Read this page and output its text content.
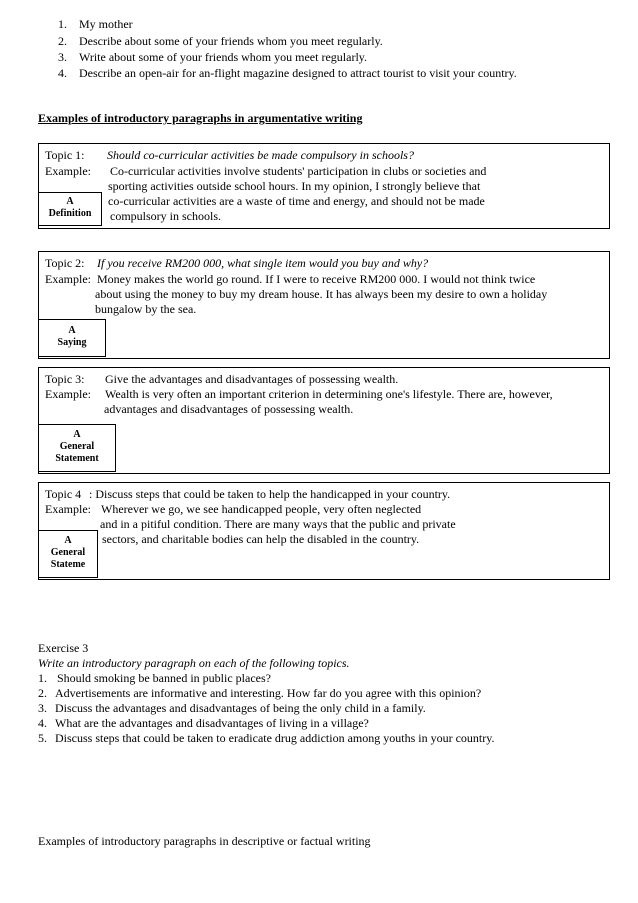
1. My mother
2. Describe about some of your friends whom you meet regularly.
3. Write about some of your friends whom you meet regularly.
4. Describe an open-air for an-flight magazine designed to attract tourist to visit your country.
Examples of introductory paragraphs in argumentative writing
Topic 1: Should co-curricular activities be made compulsory in schools?
Example: Co-curricular activities involve students' participation in clubs or societies and
sporting activities outside school hours. In my opinion, I strongly believe that
co-curricular activities are a waste of time and energy, and should not be made
compulsory in schools.
A
Definition
Topic 2: If you receive RM200 000, what single item would you buy and why?
Example: Money makes the world go round. If I were to receive RM200 000. I would not think twice
about using the money to buy my dream house. It has always been my desire to own a holiday
bungalow by the sea.
A
Saying
Topic 3: Give the advantages and disadvantages of possessing wealth.
Example: Wealth is very often an important criterion in determining one's lifestyle. There are, however,
advantages and disadvantages of possessing wealth.
A
General
Statement
Topic 4 : Discuss steps that could be taken to help the handicapped in your country.
Example: Wherever we go, we see handicapped people, very often neglected
and in a pitiful condition. There are many ways that the public and private
sectors, and charitable bodies can help the disabled in the country.
A
General
Stateme
Exercise 3
Write an introductory paragraph on each of the following topics.
1. Should smoking be banned in public places?
2. Advertisements are informative and interesting. How far do you agree with this opinion?
3. Discuss the advantages and disadvantages of being the only child in a family.
4. What are the advantages and disadvantages of living in a village?
5. Discuss steps that could be taken to eradicate drug addiction among youths in your country.
Examples of introductory paragraphs in descriptive or factual writing
